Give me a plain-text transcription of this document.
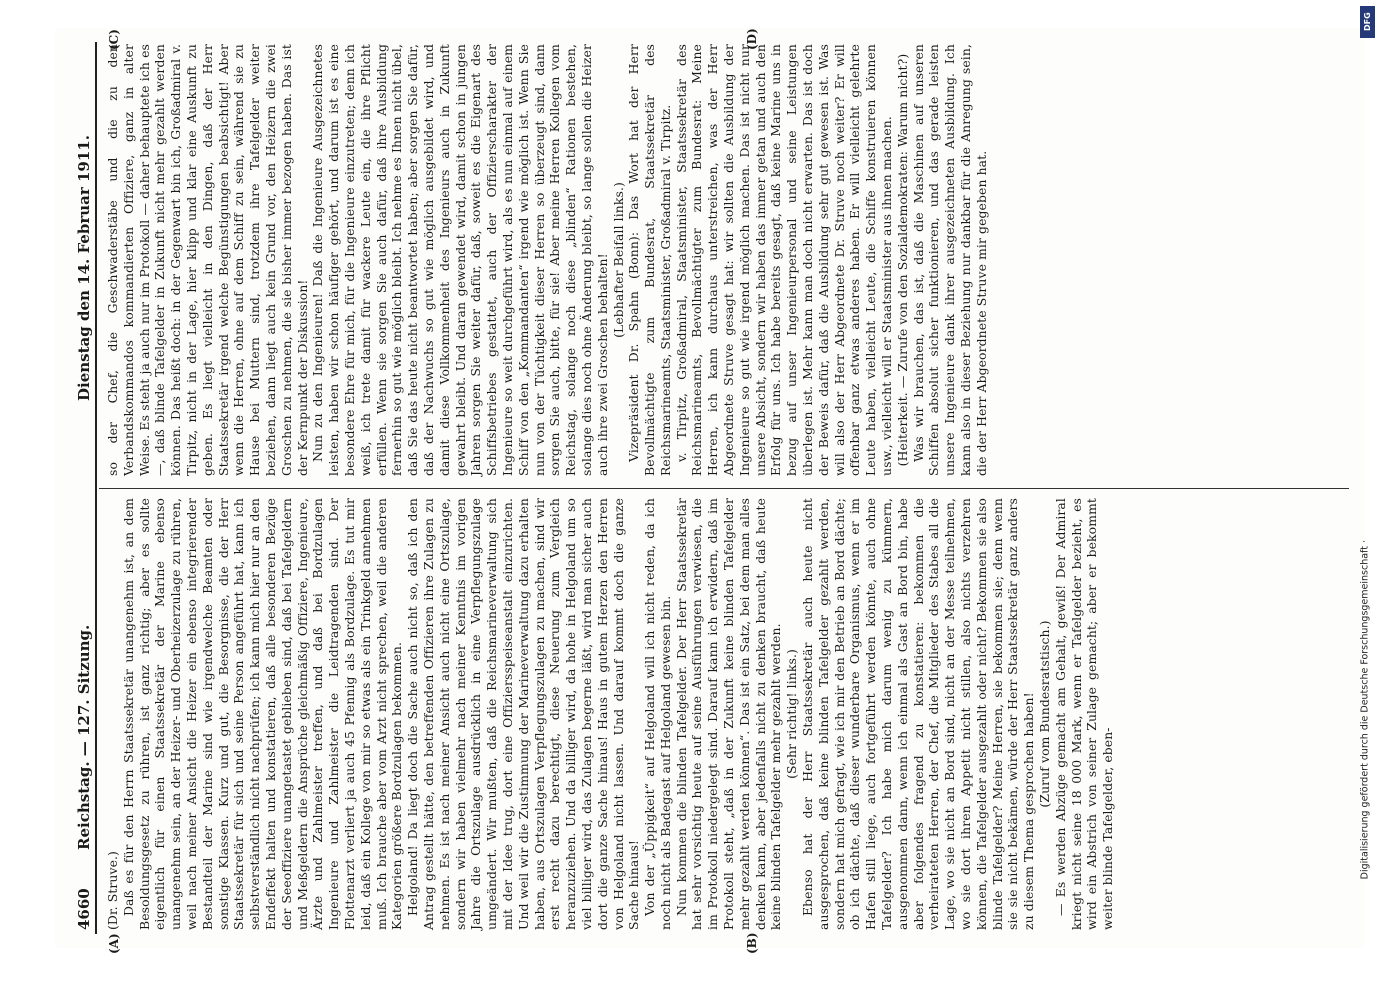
4660
Reichstag. — 127. Sitzung.
Dienstag den 14. Februar 1911.
(A)	(B)
(C)	(D)

(Dr. Struve.) Daß es für den Herrn Staatssekretär unangenehm ist, an dem Besoldungsgesetz zu rühren, ist ganz richtig; aber es sollte eigentlich für einen Staatssekretär der Marine ebenso unangenehm sein, an der Heizer- und Oberheizerzulage zu rühren, weil nach meiner Ansicht die Heizer ein ebenso integrierender Bestandteil der Marine sind wie irgendwelche Beamten oder sonstige Klassen. Kurz und gut, die Besorgnisse, die der Herr Staatssekretär für sich und seine Person angeführt hat, kann ich selbstverständlich nicht nachprüfen; ich kann mich hier nur an den Endeffekt halten und konstatieren, daß alle besonderen Bezüge der Seeoffiziere unangetastet geblieben sind, daß bei Tafelgeldern und Meßgeldern die Ansprüche gleichmäßig Offiziere, Ingenieure, Ärzte und Zahlmeister treffen, und daß bei Bordzulagen Ingenieure und Zahlmeister die Leidtragenden sind. Der Flottenarzt verliert ja auch 45 Pfennig als Bordzulage. Es tut mir leid, daß ein Kollege von mir so etwas als ein Trinkgeld annehmen muß. Ich brauche aber vom Arzt nicht sprechen, weil die anderen Kategorien größere Bordzulagen bekommen. Helgoland! Da liegt doch die Sache auch nicht so, daß ich den Antrag gestellt hätte, den betreffenden Offizieren ihre Zulagen zu nehmen. Es ist nach meiner Ansicht auch nicht eine Ortszulage, sondern wir haben vielmehr nach meiner Kenntnis im vorigen Jahre die Ortszulage ausdrücklich in eine Verpflegungszulage umgeändert. Wir mußten, daß die Reichsmarineverwaltung sich mit der Idee trug, dort eine Offiziersspeiseanstalt einzurichten. Und weil wir die Zustimmung der Marineverwaltung dazu erhalten haben, aus Ortszulagen Verpflegungszulagen zu machen, sind wir erst recht dazu berechtigt, diese Neuerung zum Vergleich heranzuziehen. Und da billiger wird, da hohe in Helgoland um so viel billiger wird, das Zulagen begerne läßt, wird man sicher auch dort die ganze Sache hinaus! Haus in gutem Herzen den Herren von Helgoland nicht lassen. Und darauf kommt doch die ganze Sache hinaus! Von der „Üppigkeit“ auf Helgoland will ich nicht reden, da ich noch nicht als Badegast auf Helgoland gewesen bin. Nun kommen die blinden Tafelgelder. Der Herr Staatssekretär hat sehr vorsichtig heute auf seine Ausführungen verwiesen, die im Protokoll niedergelegt sind. Darauf kann ich erwidern, daß im Protokoll steht, „daß in der Zukunft keine blinden Tafelgelder mehr gezahlt werden können“. Das ist ein Satz, bei dem man alles denken kann, aber jedenfalls nicht zu denken braucht, daß heute keine blinden Tafelgelder mehr gezahlt werden. (Sehr richtig! links.) Ebenso hat der Herr Staatssekretär auch heute nicht ausgesprochen, daß keine blinden Tafelgelder gezahlt werden, sondern hat mich gefragt, wie ich mir den Betrieb an Bord dächte; ob ich dächte, daß dieser wunderbare Organismus, wenn er im Hafen still liege, auch fortgeführt werden könnte, auch ohne Tafelgelder? Ich habe mich darum wenig zu kümmern, ausgenommen dann, wenn ich einmal als Gast an Bord bin, habe aber folgendes fragend zu konstatieren: bekommen die verheirateten Herren, der Chef, die Mitglieder des Stabes all die Lage, wo sie nicht an Bord sind, nicht an der Messe teilnehmen, wo sie dort ihren Appetit nicht stillen, also nichts verzehren können, die Tafelgelder ausgezahlt oder nicht? Bekommen sie also blinde Tafelgelder? Meine Herren, sie bekommen sie; denn wenn sie sie nicht bekämen, würde der Herr Staatssekretär ganz anders zu diesem Thema gesprochen haben! (Zuruf vom Bundesratstisch.) — Es werden Abzüge gemacht am Gehalt, gewiß! Der Admiral kriegt nicht seine 18 000 Mark, wenn er Tafelgelder bezieht, es wird ein Abstrich von seiner Zulage gemacht; aber er bekommt weiter blinde Tafelgelder, eben-

so der Chef, die Geschwaderstäbe und die zu den Verbandskommandos kommandierten Offiziere, ganz in alter Weise. Es steht ja auch nur im Protokoll — daher behauptete ich es —, daß blinde Tafelgelder in Zukunft nicht mehr gezahlt werden können. Das heißt doch: in der Gegenwart bin ich, Großadmiral v. Tirpitz, nicht in der Lage, hier klipp und klar eine Auskunft zu geben. Es liegt vielleicht in den Dingen, daß der Herr Staatssekretär irgend welche Begünstigungen beabsichtigt! Aber wenn die Herren, ohne auf dem Schiff zu sein, während sie zu Hause bei Muttern sind, trotzdem ihre Tafelgelder weiter beziehen, dann liegt auch kein Grund vor, den Heizern die zwei Groschen zu nehmen, die sie bisher immer bezogen haben. Das ist der Kernpunkt der Diskussion! Nun zu den Ingenieuren! Daß die Ingenieure Ausgezeichnetes leisten, haben wir schon häufiger gehört, und darum ist es eine besondere Ehre für mich, für die Ingenieure einzutreten; denn ich weiß, ich trete damit für wackere Leute ein, die ihre Pflicht erfüllen. Wenn sie sorgen Sie auch dafür, daß ihre Ausbildung fernerhin so gut wie möglich bleibt. Ich nehme es Ihnen nicht übel, daß Sie das heute nicht beantwortet haben; aber sorgen Sie dafür, daß der Nachwuchs so gut wie möglich ausgebildet wird, und damit diese Vollkommenheit des Ingenieurs auch in Zukunft gewahrt bleibt. Und daran gewendet wird, damit schon in jungen Jahren sorgen Sie weiter dafür, daß, soweit es die Eigenart des Schiffsbetriebes gestattet, auch der Offizierscharakter der Ingenieure so weit durchgeführt wird, als es nun einmal auf einem Schiff von den „Kommandanten“ irgend wie möglich ist. Wenn Sie nun von der Tüchtigkeit dieser Herren so überzeugt sind, dann sorgen Sie auch, bitte, für sie! Aber meine Herren Kollegen vom Reichstag, solange noch diese „blinden“ Rationen bestehen, solange dies noch ohne Änderung bleibt, so lange sollen die Heizer auch ihre zwei Groschen behalten! (Lebhafter Beifall links.) Vizepräsident Dr. Spahn (Bonn): Das Wort hat der Herr Bevollmächtigte zum Bundesrat, Staatssekretär des Reichsmarineamts, Staatsminister, Großadmiral v. Tirpitz. v. Tirpitz, Großadmiral, Staatsminister, Staatssekretär des Reichsmarineamts, Bevollmächtigter zum Bundesrat: Meine Herren, ich kann durchaus unterstreichen, was der Herr Abgeordnete Struve gesagt hat: wir sollten die Ausbildung der Ingenieure so gut wie irgend möglich machen. Das ist nicht nur unsere Absicht, sondern wir haben das immer getan und auch den Erfolg für uns. Ich habe bereits gesagt, daß keine Marine uns in bezug auf unser Ingenieurpersonal und seine Leistungen überlegen ist. Mehr kann man doch nicht erwarten. Das ist doch der Beweis dafür, daß die Ausbildung sehr gut gewesen ist. Was will also der Herr Abgeordnete Dr. Struve noch weiter? Er will offenbar ganz etwas anderes haben. Er will vielleicht gelehrte Leute haben, vielleicht Leute, die Schiffe konstruieren können usw., vielleicht will er Staatsminister aus ihnen machen. (Heiterkeit. — Zurufe von den Sozialdemokraten: Warum nicht?) Was wir brauchen, das ist, daß die Maschinen auf unseren Schiffen absolut sicher funktionieren, und das gerade leisten unsere Ingenieure dank ihrer ausgezeichneten Ausbildung. Ich kann also in dieser Beziehung nur dankbar für die Anregung sein, die der Herr Abgeordnete Struve mir gegeben hat.

DFG
Digitalisierung gefördert durch die Deutsche Forschungsgemeinschaft ·
